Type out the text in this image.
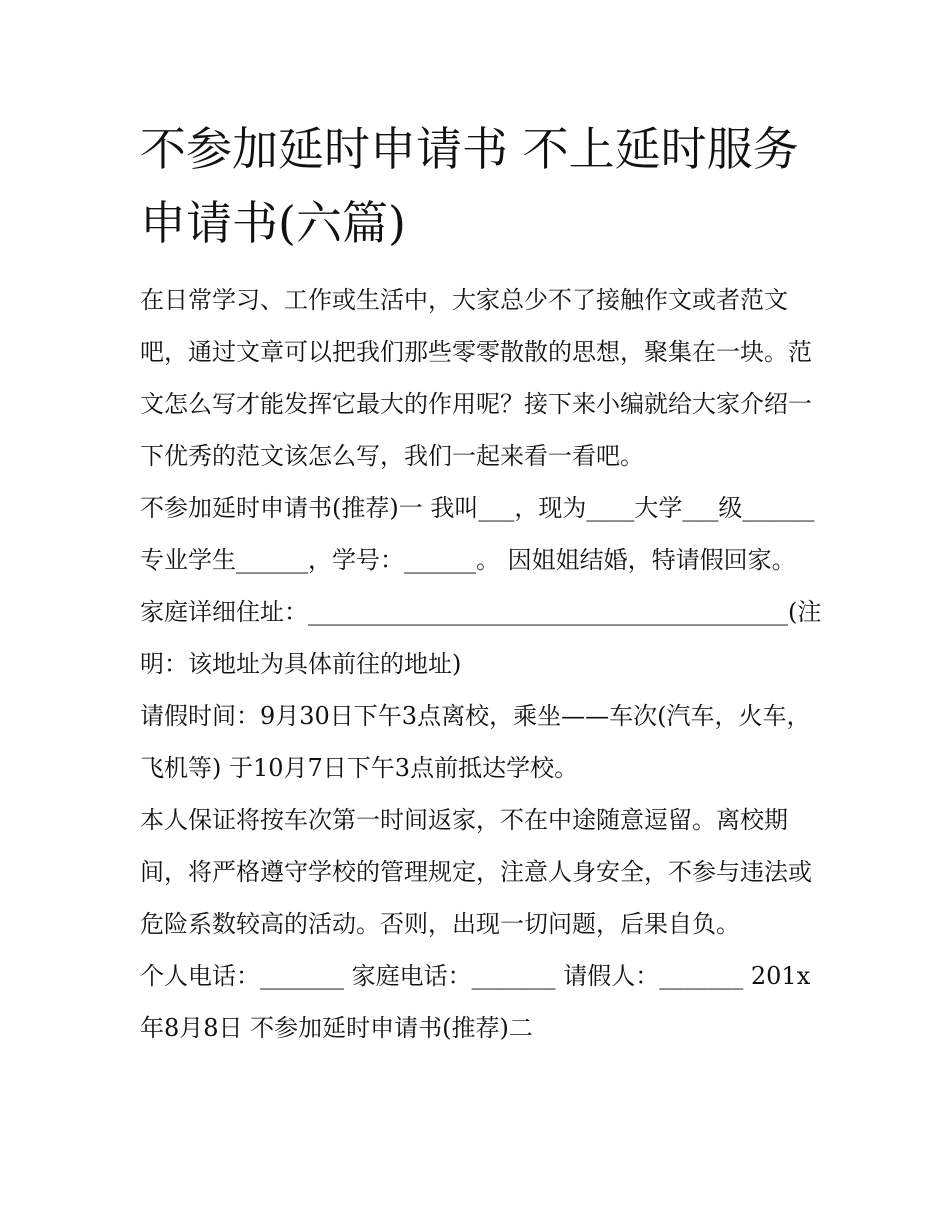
不参加延时申请书 不上延时服务申请书(六篇)

在日常学习、工作或生活中，大家总少不了接触作文或者范文吧，通过文章可以把我们那些零零散散的思想，聚集在一块。范文怎么写才能发挥它最大的作用呢？接下来小编就给大家介绍一下优秀的范文该怎么写，我们一起来看一看吧。

不参加延时申请书(推荐)一 我叫___，现为____大学___级______专业学生______，学号：______。 因姐姐结婚，特请假回家。

家庭详细住址：________________________________________(注明：该地址为具体前往的地址)

请假时间：9月30日下午3点离校，乘坐——车次(汽车，火车，飞机等) 于10月7日下午3点前抵达学校。

本人保证将按车次第一时间返家，不在中途随意逗留。离校期间，将严格遵守学校的管理规定，注意人身安全，不参与违法或危险系数较高的活动。否则，出现一切问题，后果自负。

个人电话：_______ 家庭电话：_______ 请假人：_______ 201x年8月8日 不参加延时申请书(推荐)二
